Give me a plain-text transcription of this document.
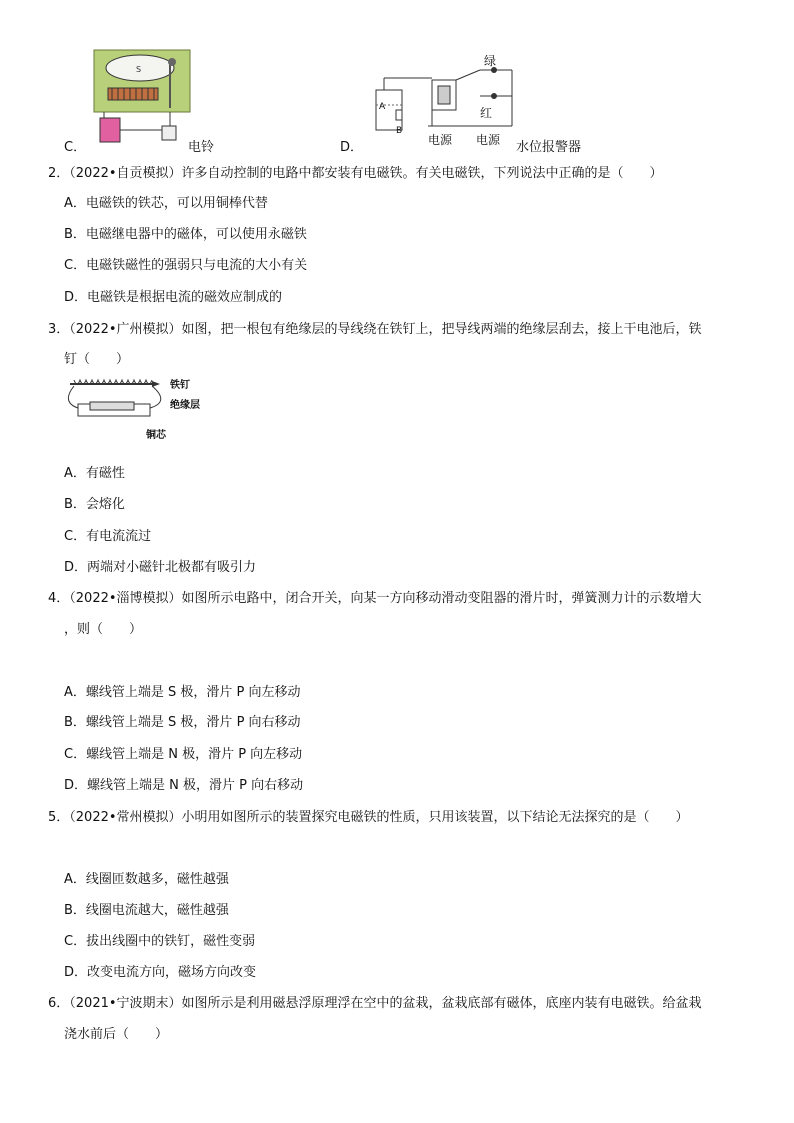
S
C．	电铃	D．
绿
红
A
B
电源 电源 水位报警器
2．（2022•自贡模拟）许多自动控制的电路中都安装有电磁铁。有关电磁铁，下列说法中正确的是（　　）
A．电磁铁的铁芯，可以用铜棒代替
B．电磁继电器中的磁体，可以使用永磁铁
C．电磁铁磁性的强弱只与电流的大小有关
D．电磁铁是根据电流的磁效应制成的
3．（2022•广州模拟）如图，把一根包有绝缘层的导线绕在铁钉上，把导线两端的绝缘层刮去，接上干电池后，铁
钉（　　）
铁钉
绝缘层
铜芯
A．有磁性
B．会熔化
C．有电流流过
D．两端对小磁针北极都有吸引力
4．（2022•淄博模拟）如图所示电路中，闭合开关，向某一方向移动滑动变阻器的滑片时，弹簧测力计的示数增大
，则（　　）
A．螺线管上端是 S 极，滑片 P 向左移动
B．螺线管上端是 S 极，滑片 P 向右移动
C．螺线管上端是 N 极，滑片 P 向左移动
D．螺线管上端是 N 极，滑片 P 向右移动
5．（2022•常州模拟）小明用如图所示的装置探究电磁铁的性质，只用该装置，以下结论无法探究的是（　　）
A．线圈匝数越多，磁性越强
B．线圈电流越大，磁性越强
C．拔出线圈中的铁钉，磁性变弱
D．改变电流方向，磁场方向改变
6．（2021•宁波期末）如图所示是利用磁悬浮原理浮在空中的盆栽，盆栽底部有磁体，底座内装有电磁铁。给盆栽
浇水前后（　　）
